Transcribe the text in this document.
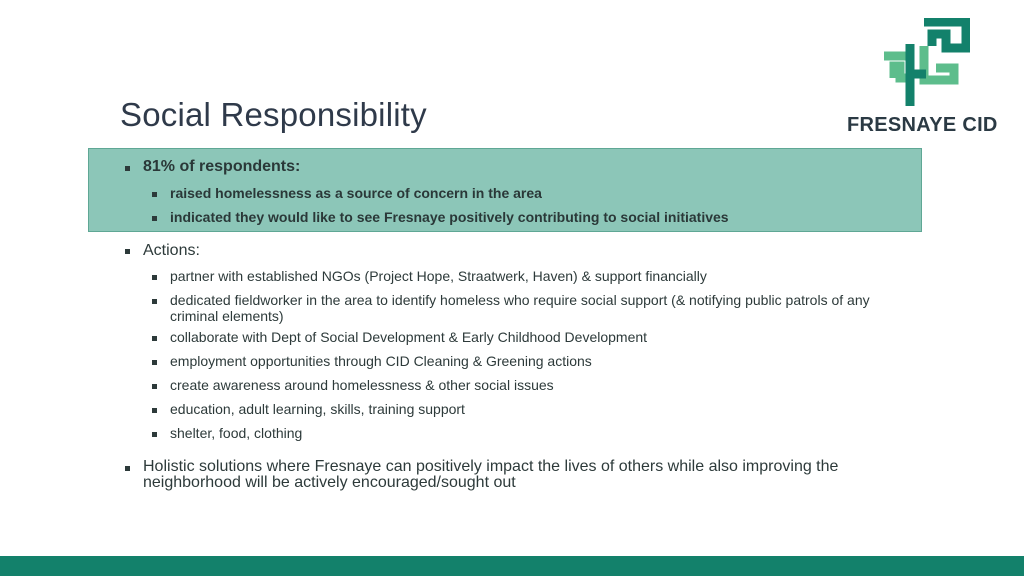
Social Responsibility	FRESNAYE CID
81% of respondents:
raised homelessness as a source of concern in the area
indicated they would like to see Fresnaye positively contributing to social initiatives
Actions:
partner with established NGOs (Project Hope, Straatwerk, Haven) & support financially
dedicated fieldworker in the area to identify homeless who require social support (& notifying public patrols of any criminal elements)
collaborate with Dept of Social Development & Early Childhood Development
employment opportunities through CID Cleaning & Greening actions
create awareness around homelessness & other social issues
education, adult learning, skills, training support
shelter, food, clothing
Holistic solutions where Fresnaye can positively impact the lives of others while also improving the neighborhood will be actively encouraged/sought out
